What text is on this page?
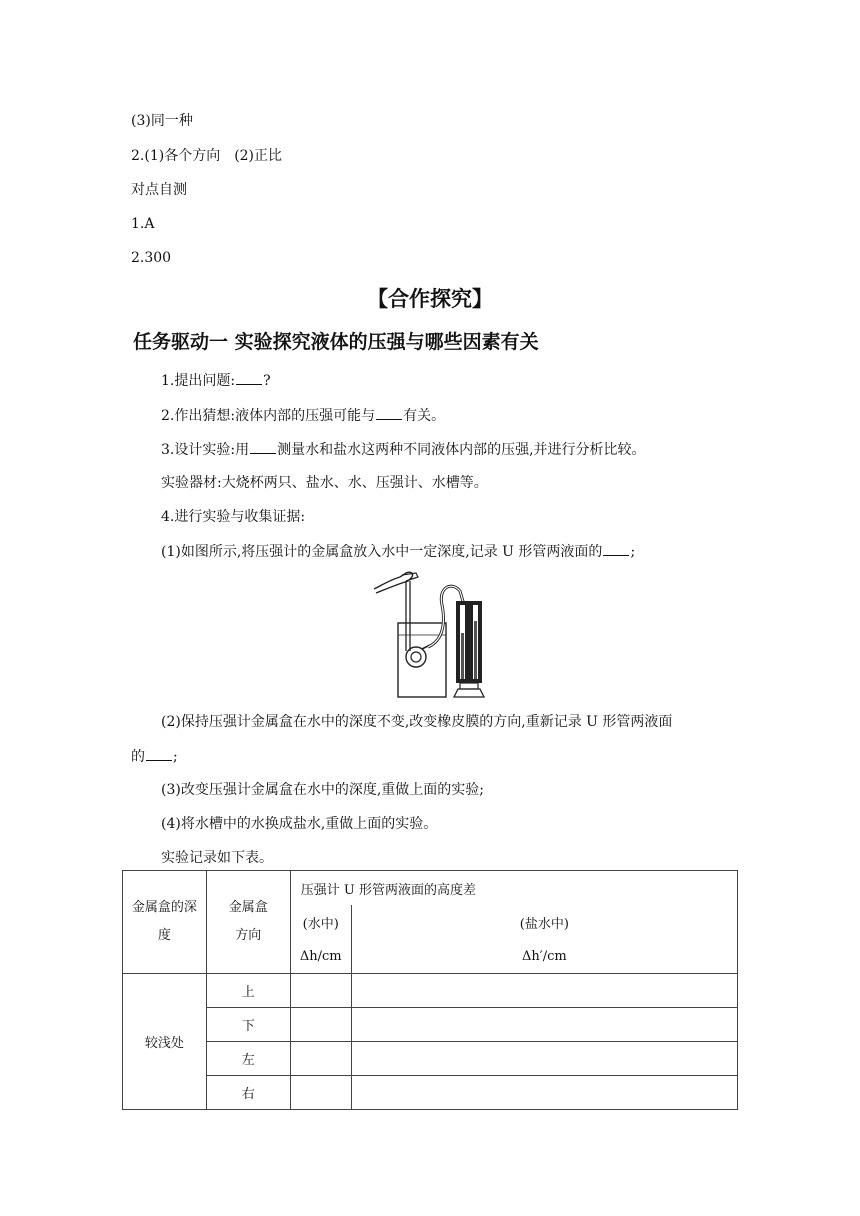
(3)同一种
2.(1)各个方向　(2)正比
对点自测
1.A
2.300
【合作探究】
任务驱动一 实验探究液体的压强与哪些因素有关
1.提出问题: ?
2.作出猜想:液体内部的压强可能与 有关。
3.设计实验:用 测量水和盐水这两种不同液体内部的压强,并进行分析比较。
实验器材:大烧杯两只、盐水、水、压强计、水槽等。
4.进行实验与收集证据:
(1)如图所示,将压强计的金属盒放入水中一定深度,记录 U 形管两液面的 ;
(2)保持压强计金属盒在水中的深度不变,改变橡皮膜的方向,重新记录 U 形管两液面
的 ;
(3)改变压强计金属盒在水中的深度,重做上面的实验;
(4)将水槽中的水换成盐水,重做上面的实验。
实验记录如下表。
金属盒的深度	金属盒方向	压强计 U 形管两液面的高度差	
		(水中)	(盐水中)
		Δh/cm	Δh′/cm
较浅处	上		
	下		
	左		
	右		
